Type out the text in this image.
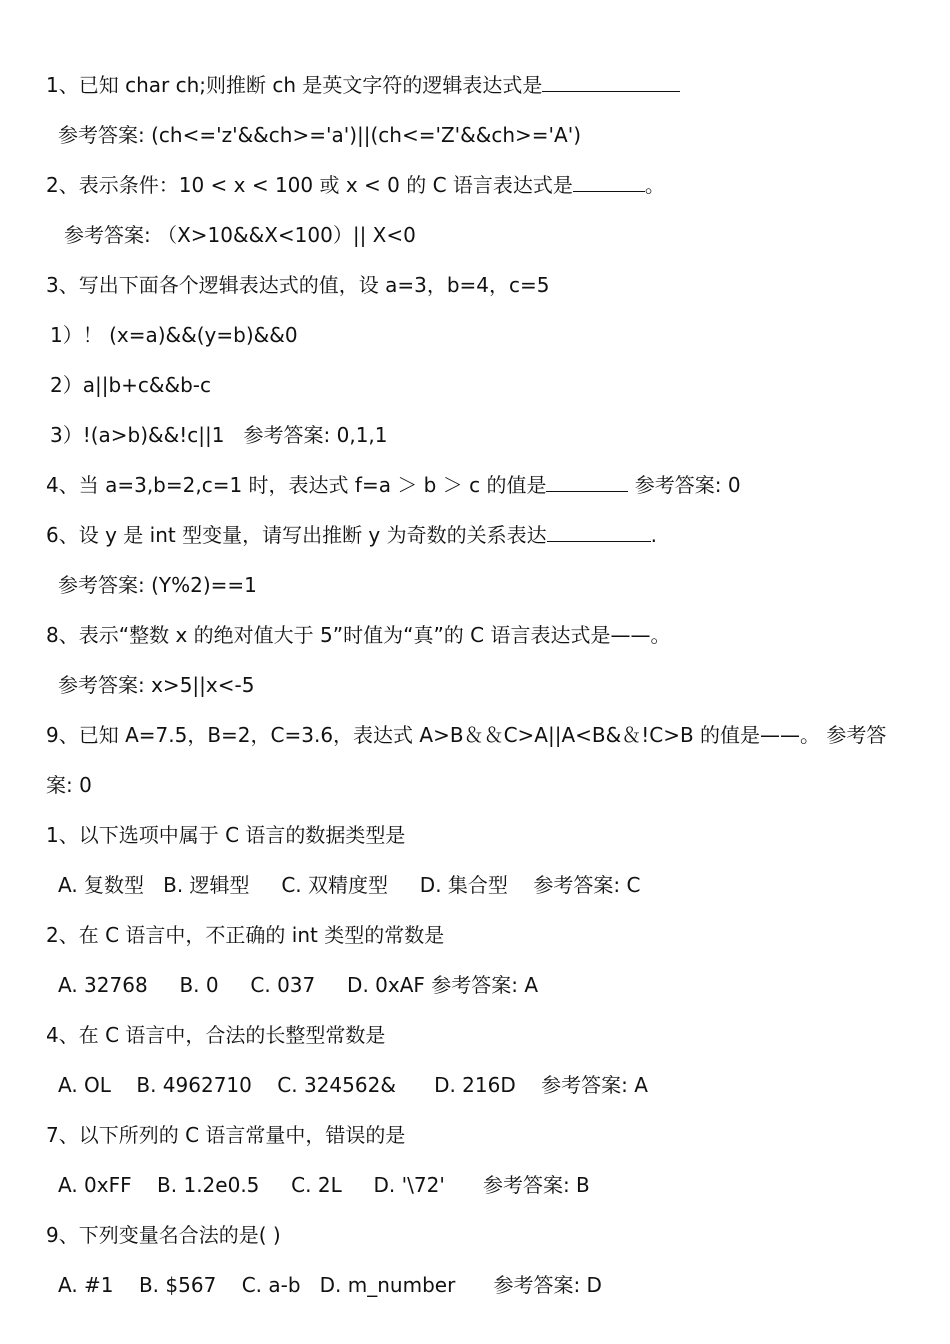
1、已知 char ch;则推断 ch 是英文字符的逻辑表达式是
参考答案: (ch<='z'&&ch>='a')||(ch<='Z'&&ch>='A')
2、表示条件：10 < x < 100 或 x < 0 的 C 语言表达式是	。
参考答案: （X>10&&X<100）|| X<0
3、写出下面各个逻辑表达式的值，设 a=3，b=4，c=5
1）！ (x=a)&&(y=b)&&0
2）a||b+c&&b-c
3）!(a>b)&&!c||1   参考答案: 0,1,1
4、当 a=3,b=2,c=1 时，表达式 f=a ＞ b ＞ c 的值是	参考答案: 0
6、设 y 是 int 型变量，请写出推断 y 为奇数的关系表达	.
参考答案: (Y%2)==1
8、表示“整数 x 的绝对值大于 5”时值为“真”的 C 语言表达式是——。
参考答案: x>5||x<-5
9、已知 A=7.5，B=2，C=3.6，表达式 A>B＆＆C>A||A<B&＆!C>B 的值是——。 参考答案: 0
1、以下选项中属于 C 语言的数据类型是
A. 复数型   B. 逻辑型     C. 双精度型     D. 集合型    参考答案: C
2、在 C 语言中，不正确的 int 类型的常数是
A. 32768     B. 0     C. 037     D. 0xAF 参考答案: A
4、在 C 语言中，合法的长整型常数是
A. OL    B. 4962710    C. 324562&      D. 216D    参考答案: A
7、以下所列的 C 语言常量中，错误的是
A. 0xFF    B. 1.2e0.5     C. 2L     D. '\72'      参考答案: B
9、下列变量名合法的是( )
A. #1    B. $567    C. a-b   D. m_number      参考答案: D
